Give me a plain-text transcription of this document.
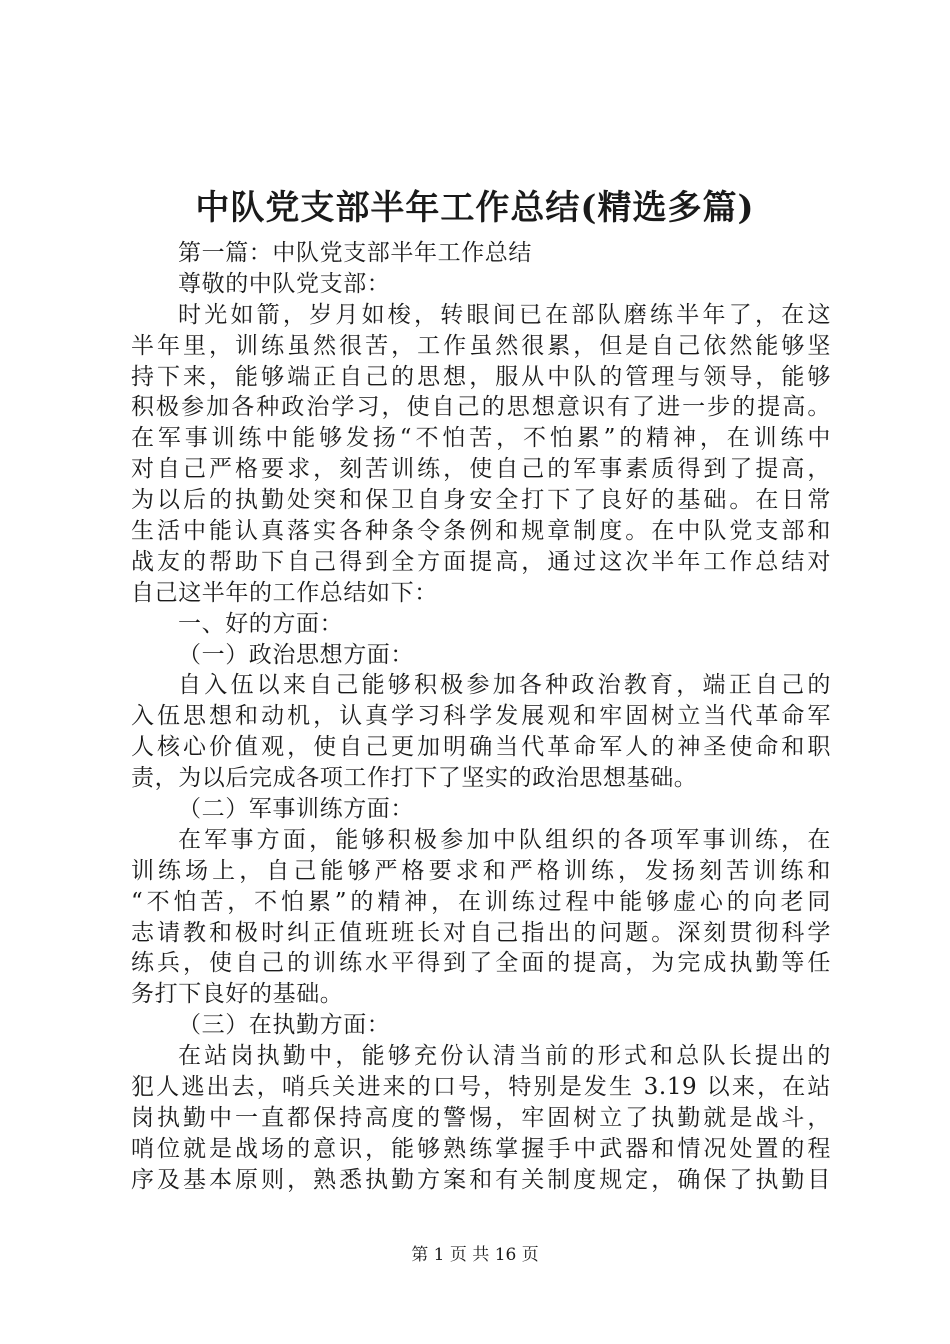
中队党支部半年工作总结(精选多篇)
第一篇：中队党支部半年工作总结
尊敬的中队党支部：
时光如箭，岁月如梭，转眼间已在部队磨练半年了，在这
半年里，训练虽然很苦，工作虽然很累，但是自己依然能够坚
持下来，能够端正自己的思想，服从中队的管理与领导，能够
积极参加各种政治学习，使自己的思想意识有了进一步的提高。
在军事训练中能够发扬“不怕苦，不怕累”的精神，在训练中
对自己严格要求，刻苦训练，使自己的军事素质得到了提高，
为以后的执勤处突和保卫自身安全打下了良好的基础。在日常
生活中能认真落实各种条令条例和规章制度。在中队党支部和
战友的帮助下自己得到全方面提高，通过这次半年工作总结对
自己这半年的工作总结如下：
一、好的方面：
（一）政治思想方面：
自入伍以来自己能够积极参加各种政治教育，端正自己的
入伍思想和动机，认真学习科学发展观和牢固树立当代革命军
人核心价值观，使自己更加明确当代革命军人的神圣使命和职
责，为以后完成各项工作打下了坚实的政治思想基础。
（二）军事训练方面：
在军事方面，能够积极参加中队组织的各项军事训练，在
训练场上，自己能够严格要求和严格训练，发扬刻苦训练和
“不怕苦，不怕累”的精神，在训练过程中能够虚心的向老同
志请教和极时纠正值班班长对自己指出的问题。深刻贯彻科学
练兵，使自己的训练水平得到了全面的提高，为完成执勤等任
务打下良好的基础。
（三）在执勤方面：
在站岗执勤中，能够充份认清当前的形式和总队长提出的
犯人逃出去，哨兵关进来的口号，特别是发生 3.19 以来，在站
岗执勤中一直都保持高度的警惕，牢固树立了执勤就是战斗，
哨位就是战场的意识，能够熟练掌握手中武器和情况处置的程
序及基本原则，熟悉执勤方案和有关制度规定，确保了执勤目
第 1 页 共 16 页
